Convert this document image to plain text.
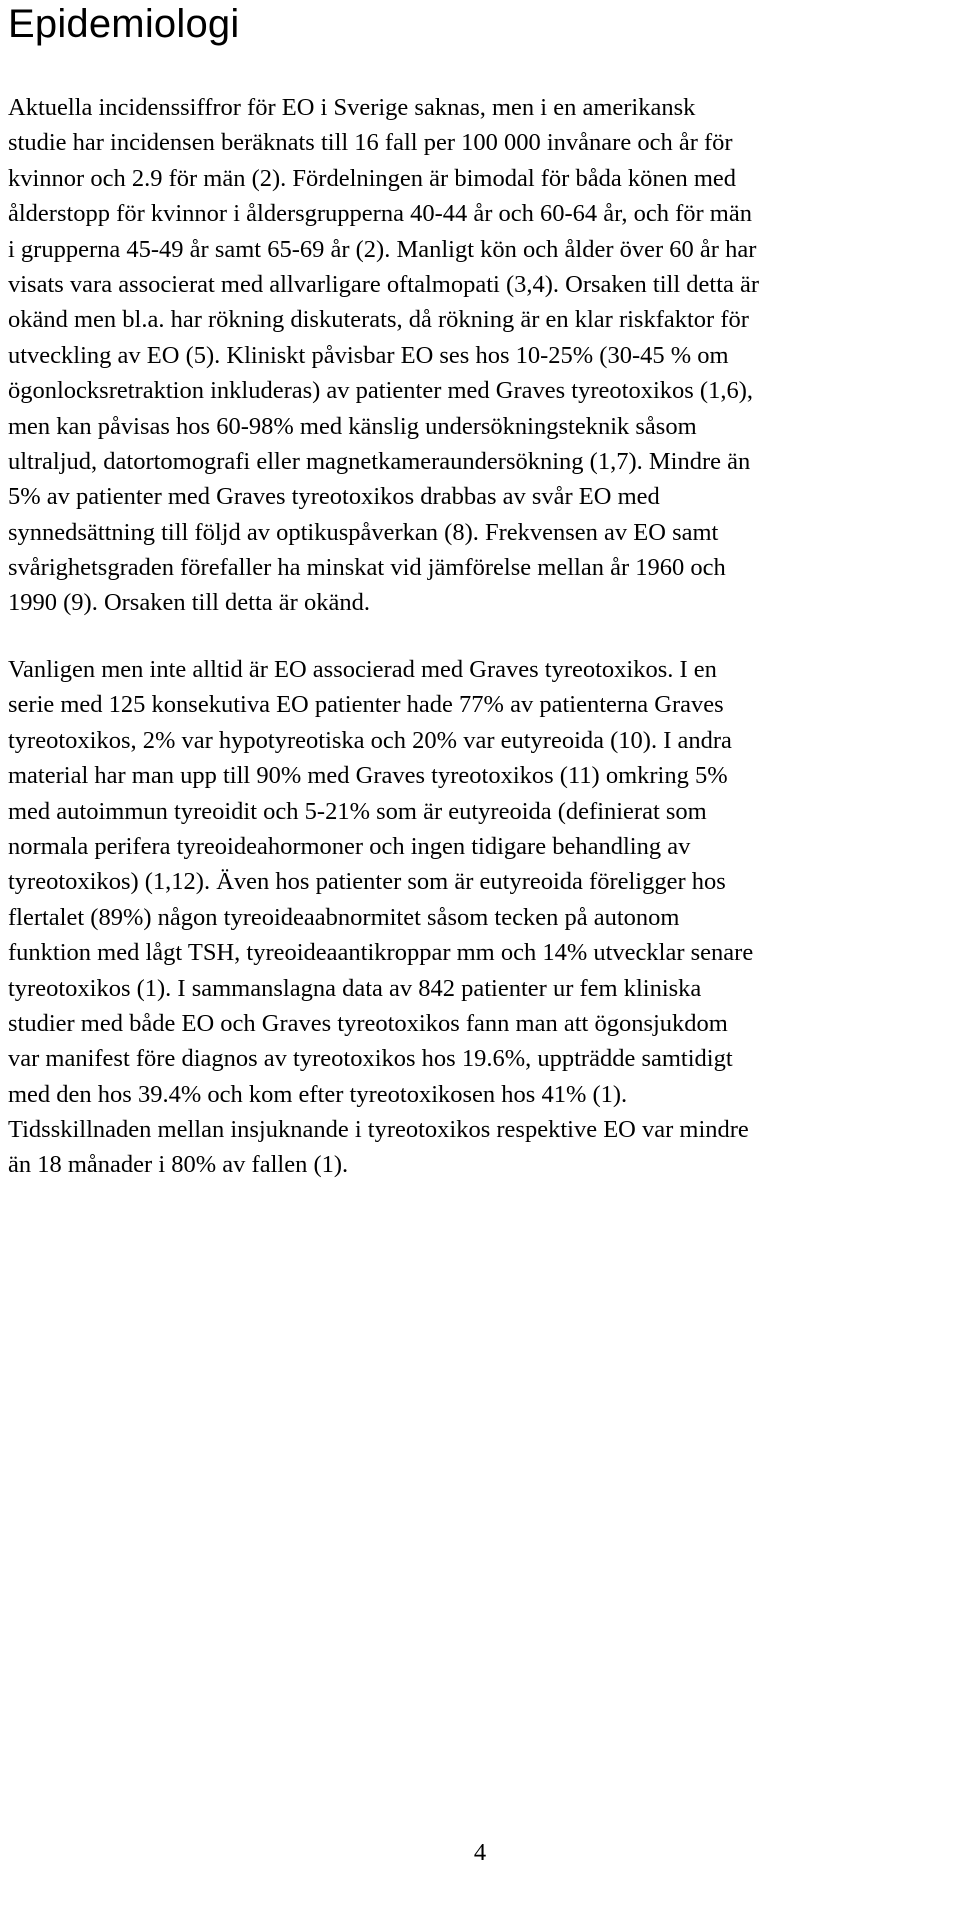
Epidemiologi

Aktuella incidenssiffror för EO i Sverige saknas, men i en amerikansk
studie har incidensen beräknats till 16 fall per 100 000 invånare och år för
kvinnor och 2.9 för män (2). Fördelningen är bimodal för båda könen med
ålderstopp för kvinnor i åldersgrupperna 40-44 år och 60-64 år, och för män
i grupperna 45-49 år samt 65-69 år (2). Manligt kön och ålder över 60 år har
visats vara associerat med allvarligare oftalmopati (3,4). Orsaken till detta är
okänd men bl.a. har rökning diskuterats, då rökning är en klar riskfaktor för
utveckling av EO (5). Kliniskt påvisbar EO ses hos 10-25% (30-45 % om
ögonlocksretraktion inkluderas) av patienter med Graves tyreotoxikos (1,6),
men kan påvisas hos 60-98% med känslig undersökningsteknik såsom
ultraljud, datortomografi eller magnetkameraundersökning (1,7). Mindre än
5% av patienter med Graves tyreotoxikos drabbas av svår EO med
synnedsättning till följd av optikuspåverkan (8). Frekvensen av EO samt
svårighetsgraden förefaller ha minskat vid jämförelse mellan år 1960 och
1990 (9). Orsaken till detta är okänd.

Vanligen men inte alltid är EO associerad med Graves tyreotoxikos. I en
serie med 125 konsekutiva EO patienter hade 77% av patienterna Graves
tyreotoxikos, 2% var hypotyreotiska och 20% var eutyreoida (10). I andra
material har man upp till 90% med Graves tyreotoxikos (11) omkring 5%
med autoimmun tyreoidit och 5-21% som är eutyreoida (definierat som
normala perifera tyreoideahormoner och ingen tidigare behandling av
tyreotoxikos) (1,12). Även hos patienter som är eutyreoida föreligger hos
flertalet (89%) någon tyreoideaabnormitet såsom tecken på autonom
funktion med lågt TSH, tyreoideaantikroppar mm och 14% utvecklar senare
tyreotoxikos (1). I sammanslagna data av 842 patienter ur fem kliniska
studier med både EO och Graves tyreotoxikos fann man att ögonsjukdom
var manifest före diagnos av tyreotoxikos hos 19.6%, uppträdde samtidigt
med den hos 39.4% och kom efter tyreotoxikosen hos 41% (1).
Tidsskillnaden mellan insjuknande i tyreotoxikos respektive EO var mindre
än 18 månader i 80% av fallen (1).

4
